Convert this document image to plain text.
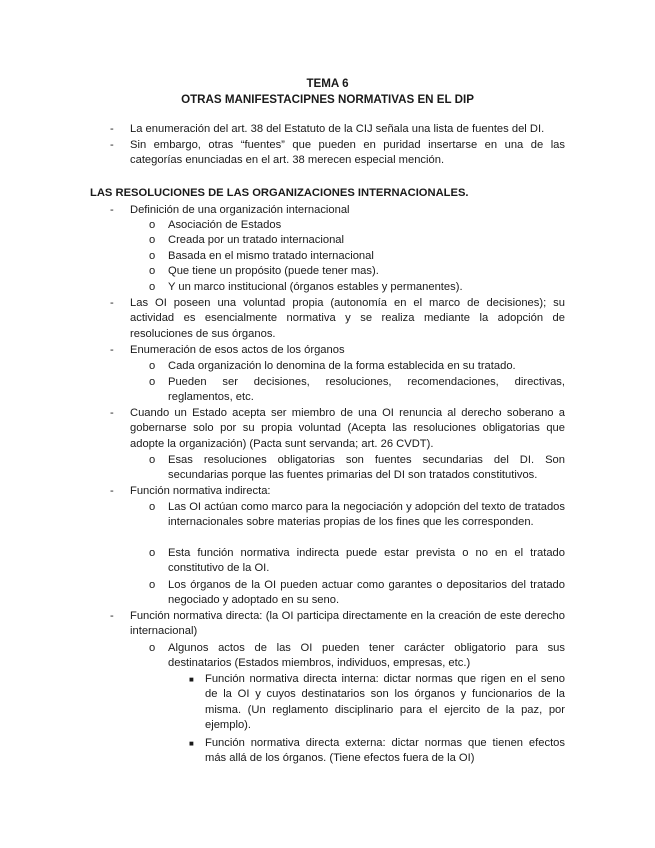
TEMA 6
OTRAS MANIFESTACIPNES NORMATIVAS EN EL DIP
- La enumeración del art. 38 del Estatuto de la CIJ señala una lista de fuentes del DI.
- Sin embargo, otras “fuentes” que pueden en puridad insertarse en una de las categorías enunciadas en el art. 38 merecen especial mención.
LAS RESOLUCIONES DE LAS ORGANIZACIONES INTERNACIONALES.
- Definición de una organización internacional
o Asociación de Estados
o Creada por un tratado internacional
o Basada en el mismo tratado internacional
o Que tiene un propósito (puede tener mas).
o Y un marco institucional (órganos estables y permanentes).
- Las OI poseen una voluntad propia (autonomía en el marco de decisiones); su actividad es esencialmente normativa y se realiza mediante la adopción de resoluciones de sus órganos.
- Enumeración de esos actos de los órganos
o Cada organización lo denomina de la forma establecida en su tratado.
o Pueden ser decisiones, resoluciones, recomendaciones, directivas, reglamentos, etc.
- Cuando un Estado acepta ser miembro de una OI renuncia al derecho soberano a gobernarse solo por su propia voluntad (Acepta las resoluciones obligatorias que adopte la organización) (Pacta sunt servanda; art. 26 CVDT).
o Esas resoluciones obligatorias son fuentes secundarias del DI. Son secundarias porque las fuentes primarias del DI son tratados constitutivos.
- Función normativa indirecta:
o Las OI actúan como marco para la negociación y adopción del texto de tratados internacionales sobre materias propias de los fines que les corresponden.
o Esta función normativa indirecta puede estar prevista o no en el tratado constitutivo de la OI.
o Los órganos de la OI pueden actuar como garantes o depositarios del tratado negociado y adoptado en su seno.
- Función normativa directa: (la OI participa directamente en la creación de este derecho internacional)
o Algunos actos de las OI pueden tener carácter obligatorio para sus destinatarios (Estados miembros, individuos, empresas, etc.)
■ Función normativa directa interna: dictar normas que rigen en el seno de la OI y cuyos destinatarios son los órganos y funcionarios de la misma. (Un reglamento disciplinario para el ejercito de la paz, por ejemplo).
■ Función normativa directa externa: dictar normas que tienen efectos más allá de los órganos. (Tiene efectos fuera de la OI)
